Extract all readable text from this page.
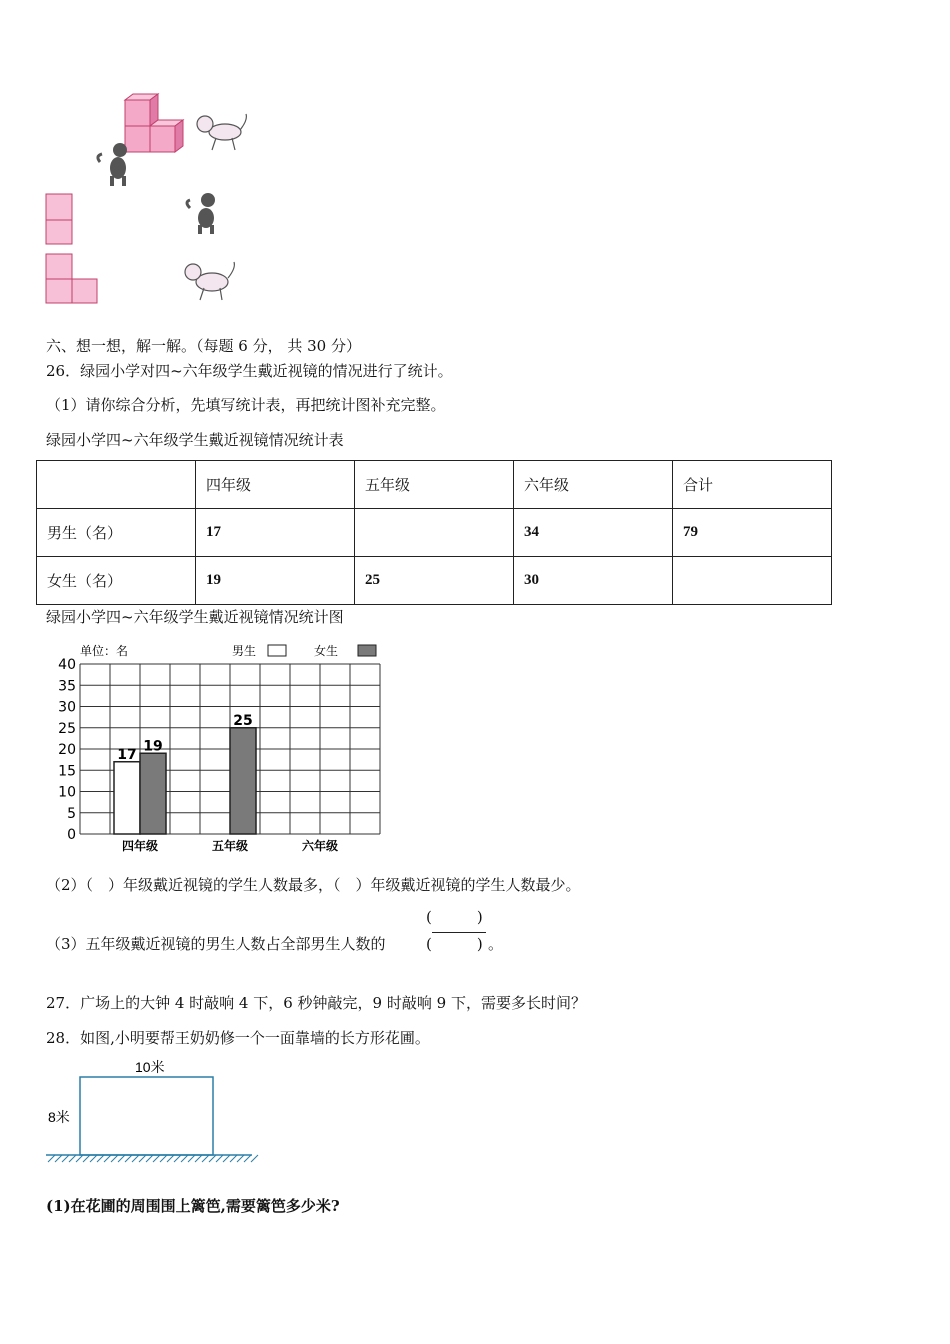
六、想一想，解一解。（每题 6 分， 共 30 分）
26．绿园小学对四~六年级学生戴近视镜的情况进行了统计。
（1）请你综合分析，先填写统计表，再把统计图补充完整。
绿园小学四~六年级学生戴近视镜情况统计表
	四年级	五年级	六年级	合计
男生（名）	17		34	79
女生（名）	19	25	30	
绿园小学四~六年级学生戴近视镜情况统计图
单位：名	男生	女生
0
5
10
15
20
25
30
35
40
17
19
25
四年级	五年级	六年级
（2）（　）年级戴近视镜的学生人数最多，（　）年级戴近视镜的学生人数最少。
（3）五年级戴近视镜的男生人数占全部男生人数的
(　　　)
(　　　) 。
27．广场上的大钟 4 时敲响 4 下，6 秒钟敲完，9 时敲响 9 下，需要多长时间？
28．如图,小明要帮王奶奶修一个一面靠墙的长方形花圃。
10米
8米
(1)在花圃的周围围上篱笆,需要篱笆多少米?
